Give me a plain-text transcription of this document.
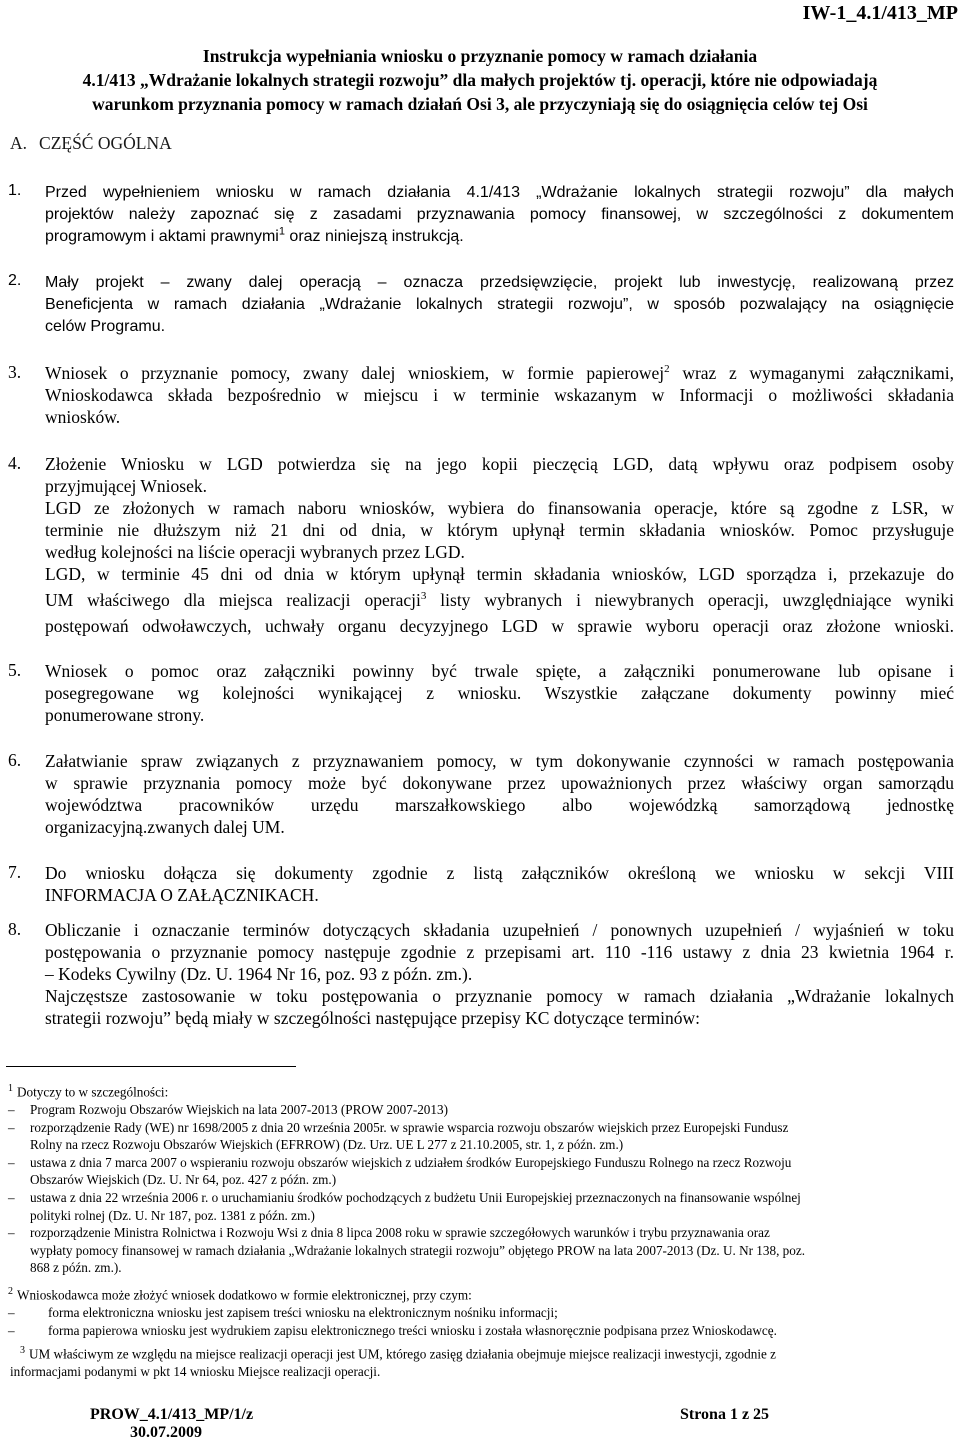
IW-1_4.1/413_MP
Instrukcja wypełniania wniosku o przyznanie pomocy w ramach działania
4.1/413 „Wdrażanie lokalnych strategii rozwoju” dla małych projektów tj. operacji, które nie odpowiadają
warunkom przyznania pomocy w ramach działań Osi 3, ale przyczyniają się do osiągnięcia celów tej Osi
A. CZĘŚĆ OGÓLNA
1. Przed wypełnieniem wniosku w ramach działania 4.1/413 „Wdrażanie lokalnych strategii rozwoju” dla małych
projektów należy zapoznać się z zasadami przyznawania pomocy finansowej, w szczególności z dokumentem
programowym i aktami prawnymi$^1$ oraz niniejszą instrukcją.
2. Mały projekt – zwany dalej operacją – oznacza przedsięwzięcie, projekt lub inwestycję, realizowaną przez
Beneficjenta w ramach działania „Wdrażanie lokalnych strategii rozwoju”, w sposób pozwalający na osiągnięcie
celów Programu.
3. Wniosek o przyznanie pomocy, zwany dalej wnioskiem, w formie papierowej$^2$ wraz z wymaganymi załącznikami,
Wnioskodawca składa bezpośrednio w miejscu i w terminie wskazanym w Informacji o możliwości składania
wniosków.
4. Złożenie Wniosku w LGD potwierdza się na jego kopii pieczęcią LGD, datą wpływu oraz podpisem osoby
przyjmującej Wniosek.
LGD ze złożonych w ramach naboru wniosków, wybiera do finansowania operacje, które są zgodne z LSR, w
terminie nie dłuższym niż 21 dni od dnia, w którym upłynął termin składania wniosków. Pomoc przysługuje
według kolejności na liście operacji wybranych przez LGD.
LGD, w terminie 45 dni od dnia w którym upłynął termin składania wniosków, LGD sporządza i, przekazuje do
UM właściwego dla miejsca realizacji operacji$^3$ listy wybranych i niewybranych operacji, uwzględniające wyniki
postępowań odwoławczych, uchwały organu decyzyjnego LGD w sprawie wyboru operacji oraz złożone wnioski.
5. Wniosek o pomoc oraz załączniki powinny być trwale spięte, a załączniki ponumerowane lub opisane i
posegregowane wg kolejności wynikającej z wniosku. Wszystkie załączane dokumenty powinny mieć
ponumerowane strony.
6. Załatwianie spraw związanych z przyznawaniem pomocy, w tym dokonywanie czynności w ramach postępowania
w sprawie przyznania pomocy może być dokonywane przez upoważnionych przez właściwy organ samorządu
województwa pracowników urzędu marszałkowskiego albo wojewódzką samorządową jednostkę
organizacyjną.zwanych dalej UM.
7. Do wniosku dołącza się dokumenty zgodnie z listą załączników określoną we wniosku w sekcji VIII
INFORMACJA O ZAŁĄCZNIKACH.
8. Obliczanie i oznaczanie terminów dotyczących składania uzupełnień / ponownych uzupełnień / wyjaśnień w toku
postępowania o przyznanie pomocy następuje zgodnie z przepisami art. 110 -116 ustawy z dnia 23 kwietnia 1964 r.
– Kodeks Cywilny (Dz. U. 1964 Nr 16, poz. 93 z późn. zm.).
Najczęstsze zastosowanie w toku postępowania o przyznanie pomocy w ramach działania „Wdrażanie lokalnych
strategii rozwoju” będą miały w szczególności następujące przepisy KC dotyczące terminów:
$^1$ Dotyczy to w szczególności:
– Program Rozwoju Obszarów Wiejskich na lata 2007-2013 (PROW 2007-2013)
– rozporządzenie Rady (WE) nr 1698/2005 z dnia 20 września 2005r. w sprawie wsparcia rozwoju obszarów wiejskich przez Europejski Fundusz
Rolny na rzecz Rozwoju Obszarów Wiejskich (EFRROW) (Dz. Urz. UE L 277 z 21.10.2005, str. 1, z późn. zm.)
– ustawa z dnia 7 marca 2007 o wspieraniu rozwoju obszarów wiejskich z udziałem środków Europejskiego Funduszu Rolnego na rzecz Rozwoju
Obszarów Wiejskich (Dz. U. Nr 64, poz. 427 z późn. zm.)
– ustawa z dnia 22 września 2006 r. o uruchamianiu środków pochodzących z budżetu Unii Europejskiej przeznaczonych na finansowanie wspólnej
polityki rolnej (Dz. U. Nr 187, poz. 1381 z późn. zm.)
– rozporządzenie Ministra Rolnictwa i Rozwoju Wsi z dnia 8 lipca 2008 roku w sprawie szczegółowych warunków i trybu przyznawania oraz
wypłaty pomocy finansowej w ramach działania „Wdrażanie lokalnych strategii rozwoju” objętego PROW na lata 2007-2013 (Dz. U. Nr 138, poz.
868 z późn. zm.).
$^2$ Wnioskodawca może złożyć wniosek dodatkowo w formie elektronicznej, przy czym:
–	forma elektroniczna wniosku jest zapisem treści wniosku na elektronicznym nośniku informacji;
–	forma papierowa wniosku jest wydrukiem zapisu elektronicznego treści wniosku i została własnoręcznie podpisana przez Wnioskodawcę.
$^3$ UM właściwym ze względu na miejsce realizacji operacji jest UM, którego zasięg działania obejmuje miejsce realizacji inwestycji, zgodnie z
informacjami podanymi w pkt 14 wniosku Miejsce realizacji operacji.
PROW_4.1/413_MP/1/z	Strona 1 z 25
30.07.2009
